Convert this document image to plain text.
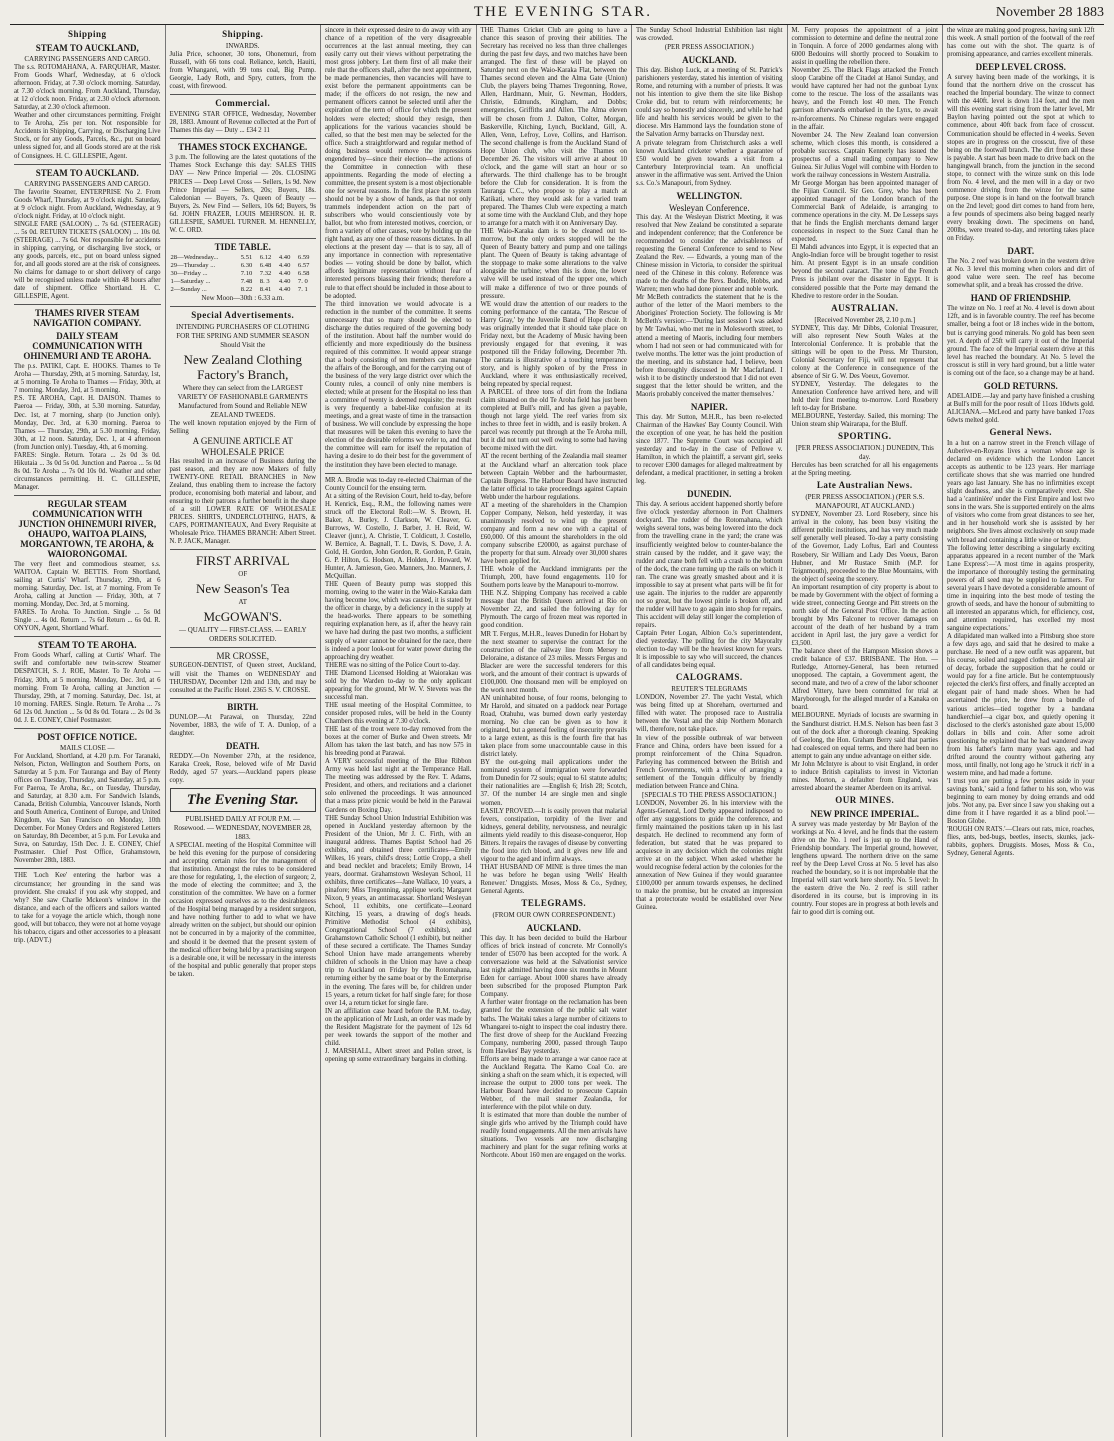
THE EVENING STAR.	November 28 1883
Shipping
STEAM TO AUCKLAND,
CARRYING PASSENGERS AND CARGO.
The s.s. ROTOMAHANA, A. FARQUHAR, Master. From Goods Wharf, Wednesday, at 6 o'clock afternoon. Friday, at 7.30 o'clock morning. Saturday, at 7.30 o'clock morning. From Auckland, Thursday, at 12 o'clock noon. Friday, at 2.30 o'clock afternoon. Saturday, at 2.30 o'clock afternoon.
Weather and other circumstances permitting. Freight to Te Aroha, 25s per ton. Not responsible for Accidents in Shipping, Carrying, or Discharging Live Stock, or for any Goods, Parcels, &c., put on board unless signed for, and all Goods stored are at the risk of Consignees. H. C. GILLESPIE, Agent.
STEAM TO AUCKLAND.
CARRYING PASSENGERS AND CARGO.
The favorite Steamer, ENTERPRISE No 2. From Goods Wharf, Thursday, at 9 o'clock night. Saturday, at 9 o'clock night. From Auckland, Wednesday, at 9 o'clock night. Friday, at 10 o'clock night.
SINGLE FARE (SALOON) ... 7s 6d. (STEERAGE) ... 5s 0d. RETURN TICKETS (SALOON) ... 10s 0d. (STEERAGE) ... 7s 6d. Not responsible for accidents in shipping, carrying, or discharging live stock, or any goods, parcels, etc., put on board unless signed for, and all goods stored are at the risk of consignees. No claims for damage to or short delivery of cargo will be recognised unless made within 48 hours after date of shipment. Office Shortland. H. C. GILLESPIE, Agent.
THAMES RIVER STEAM NAVIGATION COMPANY.
DAILY STEAM COMMUNICATION WITH OHINEMURI AND TE AROHA.
The p.s. PATIKI, Capt. E. HOOKS. Thames to Te Aroha — Thursday, 29th, at 5 morning. Saturday, 1st, at 5 morning. Te Aroha to Thames — Friday, 30th, at 7 morning. Monday, 3rd, at 5 morning.
P.S. TE AROHA, Capt. H. DAISON. Thames to Paeroa — Friday, 30th, at 5.30 morning. Saturday, Dec. 1st, at 7 morning, sharp (to Junction only). Monday, Dec. 3rd, at 6.30 morning. Paeroa to Thames — Thursday, 29th, at 5.30 morning. Friday, 30th, at 12 noon. Saturday, Dec. 1, at 4 afternoon (from Junction only). Tuesday, 4th, at 6 morning.
FARES: Single. Return. Totara ... 2s 0d 3s 0d. Hikutaia ... 3s 0d 5s 0d. Junction and Paeroa ... 5s 0d 8s 0d. Te Aroha ... 7s 0d 10s 0d. Weather and other circumstances permitting. H. C. GILLESPIE, Manager.
REGULAR STEAM COMMUNICATION WITH JUNCTION OHINEMURI RIVER, OHAUPO, WAITOA PLAINS, MORGANTOWN, TE AROHA, & WAIORONGOMAI.
The very fleet and commodious steamer, s.s. WAITOA. Captain W. BETTIS. From Shortland, sailing at Curtis' Wharf. Thursday, 29th, at 6 morning. Saturday, Dec. 1st, at 7 morning. From Te Aroha, calling at Junction — Friday, 30th, at 7 morning. Monday, Dec. 3rd, at 5 morning.
FARES. To Aroha. To Junction. Single ... 5s 0d Single ... 4s 0d. Return ... 7s 6d Return ... 6s 0d. R. ONYON, Agent, Shortland Wharf.
STEAM TO TE AROHA.
From Goods Wharf, calling at Curtis' Wharf. The swift and comfortable new twin-screw Steamer DESPATCH, S. J. ROE, Master. To Te Aroha — Friday, 30th, at 5 morning. Monday, Dec. 3rd, at 6 morning. From Te Aroha, calling at Junction — Thursday, 29th, at 7 morning. Saturday, Dec. 1st, at 10 morning. FARES. Single. Return. Te Aroha ... 7s 6d 12s 0d. Junction ... 5s 0d 8s 0d. Totara ... 2s 0d 3s 0d. J. E. CONEY, Chief Postmaster.
POST OFFICE NOTICE.
MAILS CLOSE —
For Auckland, Shortland, at 4.20 p.m. For Taranaki, Nelson, Picton, Wellington and Southern Ports, on Saturday at 5 p.m. For Tauranga and Bay of Plenty offices on Tuesday, Thursday, and Saturday, at 5 p.m. For Paeroa, Te Aroha, &c., on Tuesday, Thursday, and Saturday, at 8.30 a.m. For Sandwich Islands, Canada, British Columbia, Vancouver Islands, North and South America, Continent of Europe, and United Kingdom, via San Francisco on Monday, 10th December. For Money Orders and Registered Letters on Saturday, 8th December, at 5 p.m. For Levuka and Suva, on Saturday, 15th Dec. J. E. CONEY, Chief Postmaster. Chief Post Office, Grahamstown, November 28th, 1883.
THE 'Loch Kee' entering the harbor was a circumstance; her grounding in the sand was provident. She creaks! if you ask why stopped, and why? She saw Charlie Mckeon's window in the distance, and each of the officers and sailors wanted to take for a voyage the article which, though none good, will but tobacco, they were not at home voyage his tobacco, cigars and other accessories to a pleasant trip. (ADVT.)
Shipping.
INWARDS.
Julia Price, schooner, 30 tons, Ohonemuri, from Russell, with 66 tons coal. Reliance, ketch, Hauiti, from Whangarei, with 99 tons coal, Big Pump. Georgie, Lady Roth, and Spry, cutters, from the coast, with firewood.
Commercial.
EVENING STAR OFFICE, Wednesday, November 28, 1883. Amount of Revenue collected at the Port of Thames this day — Duty ... £34 2 11
THAMES STOCK EXCHANGE.
3 p.m. The following are the latest quotations of the Thames Stock Exchange this day: SALES THIS DAY — New Prince Imperial — 20s. CLOSING PRICES — Deep Level Cross — Sellers, 1s 9d. New Prince Imperial — Sellers, 20s; Buyers, 18s. Caledonian — Buyers, 7s. Queen of Beauty — Buyers, 2s. New Find — Sellers, 10s 6d; Buyers, 9s 6d. JOHN FRAZER, LOUIS MEHRSON. H. R. GILLESPIE, SAMUEL TURNER. M. HENNELLY, W. C. ORD.
TIDE TABLE.
28—Wednesday...	5.51	6.12	4.40	6.59
29—Thursday ...	6.30	6.48	4.40	6.57
30—Friday ...	7.10	7.32	4.40	6.58
1—Saturday ...	7.48	8. 3	4.40	7. 0
2—Sunday ...	8.22	8.41	4.40	7. 1
New Moon—30th : 6.33 a.m.
Special Advertisements.
INTENDING PURCHASERS OF CLOTHING FOR THE SPRING AND SUMMER SEASON Should Visit the
New Zealand Clothing Factory's Branch,
Where they can select from the LARGEST VARIETY OF FASHIONABLE GARMENTS Manufactured from Sound and Reliable NEW ZEALAND TWEEDS.
The well known reputation enjoyed by the Firm of Selling
A GENUINE ARTICLE AT WHOLESALE PRICE
Has resulted in an increase of Business during the past season, and they are now Makers of fully TWENTY-ONE RETAIL BRANCHES in New Zealand, thus enabling them to increase the factory produce, economising both material and labour, and ensuring to their patrons a further benefit in the shape of a still LOWER RATE OF WHOLESALE PRICES. SHIRTS, UNDERCLOTHING, HATS, & CAPS, PORTMANTEAUX, And Every Requisite at Wholesale Price. THAMES BRANCH: Albert Street. N. P. JACK, Manager.
FIRST ARRIVAL
OF
New Season's Tea
AT
McGOWAN'S.
— QUALITY — FIRST-CLASS. — EARLY ORDERS SOLICITED.
MR CROSSE,
SURGEON-DENTIST, of Queen street, Auckland, will visit the Thames on WEDNESDAY and THURSDAY, December 12th and 13th, and may be consulted at the Pacific Hotel. 2365 S. V. CROSSE.
BIRTH.
DUNLOP.—At Parawai, on Thursday, 22nd November, 1883, the wife of T. A. Dunlop, of a daughter.
DEATH.
REDDY.—On November 27th, at the residence, Karaka Creek, Rose, beloved wife of Mr David Reddy, aged 57 years.—Auckland papers please copy.
The Evening Star.
PUBLISHED DAILY AT FOUR P.M. — Rosewood. — WEDNESDAY, NOVEMBER 28, 1883.
A SPECIAL meeting of the Hospital Committee will be held this evening for the purpose of considering and accepting certain rules for the management of that institution. Amongst the rules to be considered are those for regulating, 1, the election of surgeon; 2, the mode of electing the committee; and 3, the constitution of the committee. We have on a former occasion expressed ourselves as to the desirableness of the Hospital being managed by a resident surgeon, and have nothing further to add to what we have already written on the subject, but should our opinion not be concurred in by a majority of the committee, and should it be deemed that the present system of the medical officer being held by a practising surgeon is a desirable one, it will be necessary in the interests of the hospital and public generally that proper steps be taken.
sincere in their expressed desire to do away with any chance of a repetition of the very disagreeable occurrences at the last annual meeting, they can easily carry out their views without perpetrating the most gross jobbery. Let them first of all make their rule that the officers shall, after the next appointment, be made permanencies, then vacancies will have to exist before the permanent appointments can be made; if the officers do not resign, the new and permanent officers cannot be selected until after the expiration of the term of office for which the present holders were elected; should they resign, then applications for the various vacancies should be called, so that the best men may be selected for the office. Such a straightforward and regular method of doing business would remove the impressions engendered by—since their election—the actions of the Committee in connection with these appointments. Regarding the mode of electing a committee, the present system is a most objectionable one for several reasons. In the first place the system should not be by a show of hands, as that not only trammels independent action on the part of subscribers who would conscientiously vote by ballot, but who from interested motives, coercion, or from a variety of other causes, vote by holding up the right hand, as any one of those reasons dictates. In all elections at the present day — that is to say, all of any importance in connection with representative bodies — voting should be done by ballot, which affords legitimate representation without fear of interested persons biassing their friends; therefore a rule to that effect should be included in those about to be adopted.
The third innovation we would advocate is a reduction in the number of the committee. It seems unnecessary that so many should be elected to discharge the duties required of the governing body of the institution. About half the number would do efficiently and more expeditiously do the business required of this committee. It would appear strange that a body consisting of ten members can manage the affairs of the Borough, and for the carrying out of the business of the very large district over which the County rules, a council of only nine members is elected; while at present for the Hospital no less than a committee of twenty is deemed requisite; the result is very frequently a babel-like confusion at its meetings, and a great waste of time in the transaction of business. We will conclude by expressing the hope that measures will be taken this evening to have the election of the desirable reforms we refer to, and that the committee will earn for itself the reputation of having a desire to do their best for the government of the institution they have been elected to manage.
MR A. Brodie was to-day re-elected Chairman of the County Council for the ensuing term.
At a sitting of the Revision Court, held to-day, before H. Kenrick, Esq., R.M., the following names were struck off the Electoral Roll:—W. S. Brown, H. Baker, A. Burley, J. Clarkson, W. Cleaver, G. Burrows, W. Costello, J. Barber, J. H. Reid, W. Cleaver (junr.), A. Christie, T. Coldicutt, J. Costello, W. Bernice, A. Bagnall, T. L. Davis, S. Dove, J. A. Gold, H. Gordon, John Gordon, R. Gordon, P. Grain, G. P. Hilton, G. Hodson, A. Holden, J. Howard, W. Hunter, A. Jamieson, Geo. Manners, Jno. Manners, J. McQuillan.
THE Queen of Beauty pump was stopped this morning, owing to the water in the Waio-Karaka dam having become low, which was caused, it is stated by the officer in charge, by a deficiency in the supply at the head-works. There appears to be something requiring explanation here, as if, after the heavy rain we have had during the past two months, a sufficient supply of water cannot be obtained for the race, there is indeed a poor look-out for water power during the approaching dry weather.
THERE was no sitting of the Police Court to-day.
THE Diamond Licensed Holding at Waiorakau was sold by the Warden to-day to the only applicant appearing for the ground, Mr W. V. Stevens was the successful man.
THE usual meeting of the Hospital Committee, to consider proposed rules, will be held in the County Chambers this evening at 7.30 o'clock.
THE last of the trout were to-day removed from the boxes at the corner of Burke and Owen streets. Mr Allom has taken the last batch, and has now 575 in his breeding pond at Parawai.
A VERY successful meeting of the Blue Ribbon Army was held last night at the Temperance Hall. The meeting was addressed by the Rev. T. Adams, President, and others, and recitations and a clarionet solo enlivened the proceedings. It was announced that a mass prize picnic would be held in the Parawai Gardens on Boxing Day.
THE Sunday School Union Industrial Exhibition was opened in Auckland yesterday afternoon by the President of the Union, Mr J. C. Firth, with an inaugural address. Thames Baptist School had 26 exhibits, and obtained three certificates—Emily Wilkes, 16 years, child's dress; Lottie Cropp, a shell and bead necklet and bracelets; Emily Brown, 14 years, doormat. Grahamstown Wesleyan School, 11 exhibits, three certificates—Jane Wallace, 10 years, a pinafore; Miss Tregonning, applique work; Margaret Nixon, 9 years, an antimacassar. Shortland Wesleyan School, 11 exhibits, one certificate—Leonard Kitching, 15 years, a drawing of dog's heads. Primitive Methodist School (4 exhibits), Congregational School (7 exhibits), and Grahamstown Catholic School (1 exhibit), but neither of these secured a certificate. The Thames Sunday School Union have made arrangements whereby children of schools in the Union may have a cheap trip to Auckland on Friday by the Rotomahana, returning either by the same boat or by the Enterprise in the evening. The fares will be, for children under 15 years, a return ticket for half single fare; for those over 14, a return ticket for single fare.
IN an affiliation case heard before the R.M. to-day, on the application of Mr Lush, an order was made by the Resident Magistrate for the payment of 12s 6d per week towards the support of the mother and child.
J. MARSHALL, Albert street and Pollen street, is opening up some extraordinary bargains in clothing.
THE Thames Cricket Club are going to have a chance this season of proving their abilities. The Secretary has received no less than three challenges during the past few days, and two matches have been arranged. The first of these will be played on Saturday next on the Waio-Karaka Flat, between the Thames second eleven and the Alma Gate (Union) Club, the players being Thames Tregonning, Rowe, Allen, Hardmann, Muir, G. Newman, Hodders, Christie, Edmunds, Kingham, and Dobbs; emergencies, Griffiths and Allen. The Alma eleven will be chosen from J. Dalton, Colter, Morgan, Baskerville, Kitching, Lynch, Buckland, Gill, A. Allen, Venn, Lefroy, Love, Collins, and Harrison. The second challenge is from the Auckland Stand of Hope Union club, who visit the Thames on December 26. The visitors will arrive at about 10 o'clock, and the game will start an hour or so afterwards. The third challenge has to be brought before the Club for consideration. It is from the Tauranga C.C., who propose to play a match at Katikati, where they would ask for a varied team prepared. The Thames Club were expecting a match at some time with the Auckland Club, and they hope to arrange for a match with it on Anniversary Day.
THE Waio-Karaka dam is to be cleaned out to-morrow, but the only orders stopped will be the Queen of Beauty battery and pump and one tailings plant. The Queen of Beauty is taking advantage of the stoppage to make some alterations to the valve alongside the turbine; when this is done, the lower valve will be used instead of the upper one, which will make a difference of two or three pounds of pressure.
WE would draw the attention of our readers to the coming performance of the cantata, 'The Rescue of Harry Gray,' by the Juvenile Band of Hope choir. It was originally intended that it should take place on Friday next, but the Academy of Music having been previously engaged for that evening, it was postponed till the Friday following, December 7th. The cantata is illustrative of a touching temperance story, and is highly spoken of by the Press in Auckland, where it was enthusiastically received, being repeated by special request.
A PARCEL of three tons of dirt from the Indiana claim situated on the old Te Aroha field has just been completed at Bull's mill, and has given a payable, though not large yield. The reef varies from six inches to three feet in width, and is easily broken. A parcel was recently put through at the Te Aroha mill, but it did not turn out well owing to some bad having become mixed with the dirt.
AT the recent berthing of the Zealandia mail steamer at the Auckland wharf an altercation took place between Captain Webber and the harbourmaster, Captain Burgess. The Harbour Board have instructed the latter official to take proceedings against Captain Webb under the harbour regulations.
AT a meeting of the shareholders in the Champion Copper Company, Nelson, held yesterday, it was unanimously resolved to wind up the present company and form a new one with a capital of £60,000. Of this amount the shareholders in the old company subscribe £20000, as against purchase of the property for that sum. Already over 30,000 shares have been applied for.
THE whole of the Auckland immigrants per the Triumph, 200, have found engagements. 110 for Southern ports leave by the Manapouri to-morrow.
THE N.Z. Shipping Company has received a cable message that the British Queen arrived at Rio on November 22, and sailed the following day for Plymouth. The cargo of frozen meat was reported in good condition.
MR T. Fergus, M.H.R., leaves Dunedin for Hobart by the next steamer to supervise the contract for the construction of the railway line from Mersey to Deloraine, a distance of 23 miles. Messrs Fergus and Blacker are were the successful tenderers for this work, and the amount of their contract is upwards of £100,000. One thousand men will be employed on the work next month.
AN uninhabited house, of four rooms, belonging to Mr Harold, and situated on a paddock near Portage Road, Otahuhu, was burned down early yesterday morning. No clue can be given as to how it originated, but a general feeling of insecurity prevails to a large extent, as this is the fourth fire that has taken place from some unaccountable cause in this district lately.
BY the out-going mail applications under the nominated system of immigration were forwarded from Dunedin for 72 souls; equal to 61 statute adults; their nationalities are —English 6; Irish 28; Scotch, 37. Of the number 14 are single men and single women.
EASILY PROVED.—It is easily proven that malarial fevers, constipation, torpidity of the liver and kidneys, general debility, nervousness, and neuralgic ailments yield readily to this disease-conqueror, Hop Bitters. It repairs the ravages of disease by converting the food into rich blood, and it gives new life and vigour to the aged and infirm always.
THAT HUSBAND OF MINE is three times the man he was before he began using 'Wells' Health Renewer.' Druggists. Moses, Moss & Co., Sydney, General Agents.
TELEGRAMS.
(FROM OUR OWN CORRESPONDENT.)
AUCKLAND.
This day. It has been decided to build the Harbour offices of brick instead of concrete. Mr Connolly's tender of £5070 has been accepted for the work. A conversazione was held at the Salvationist service last night admitted having done six months in Mount Eden for carriage. About 1000 shares have already been subscribed for the proposed Plumpton Park Company.
A further water frontage on the reclamation has been granted for the extension of the public salt water baths. The Waitaki takes a large number of citizens to Whangarei to-night to inspect the coal industry there. The first drove of sheep for the Auckland Freezing Company, numbering 2000, passed through Taupo from Hawkes' Bay yesterday.
Efforts are being made to arrange a war canoe race at the Auckland Regatta. The Kamo Coal Co. are sinking a shaft on the seam which, it is expected, will increase the output to 2000 tons per week. The Harbour Board have decided to prosecute Captain Webber, of the mail steamer Zealandia, for interference with the pilot while on duty.
It is estimated that more than double the number of single girls who arrived by the Triumph could have readily found engagements. All the men arrivals have situations. Two vessels are now discharging machinery and plant for the sugar refining works at Northcote. About 160 men are engaged on the works.
The Sunday School Industrial Exhibition last night was crowded.
(PER PRESS ASSOCIATION.)
AUCKLAND.
This day. Bishop Luck, at a meeting of St. Patrick's parishioners yesterday, stated his intention of visiting Rome, and returning with a number of priests. It was not his intention to give them the site like Bishop Croke did, but to return with reinforcements; he could say so honestly and sincerely, and while he had life and health his services would be given to the diocese. Mrs Hammond lays the foundation stone of the Salvation Army barracks on Thursday next.
A private telegram from Christchurch asks a well known Auckland cricketer whether a guarantee of £50 would be given towards a visit from a Canterbury Interprovincial team. An unofficial answer in the affirmative was sent. Arrived the Union s.s. Co.'s Manapouri, from Sydney.
WELLINGTON.
Wesleyan Conference.
This day. At the Wesleyan District Meeting, it was resolved that New Zealand be constituted a separate and independent conference; that the Conference be recommended to consider the advisableness of requesting the General Conference to send to New Zealand the Rev. — Edwards, a young man of the Chinese mission in Victoria, to consider the spiritual need of the Chinese in this colony. Reference was made to the deaths of the Revs. Buddle, Hobbs, and Warren; men who had done pioneer and noble work.
Mr McBeth contradicts the statement that he is the author of the letter of the Maori members to the Aborigines' Protection Society. The following is Mr McBeth's version:—'During last session I was asked by Mr Tawhai, who met me in Molesworth street, to attend a meeting of Maoris, including four members whom I had not seen or had communicated with for twelve months. The letter was the joint production of the meeting, and its substance had, I believe, been before thoroughly discussed in Mr Macfarland. I wish it to be distinctly understood that I did not even suggest that the letter should be written, and the Maoris probably conceived the matter themselves.'
NAPIER.
This day. Mr Sutton, M.H.R., has been re-elected Chairman of the Hawkes' Bay County Council. With the exception of one year, he has held the position since 1877. The Supreme Court was occupied all yesterday and to-day in the case of Pellowe v. Hamilton, in which the plaintiff, a servant girl, seeks to recover £300 damages for alleged maltreatment by defendant, a medical practitioner, in setting a broken leg.
DUNEDIN.
This day. A serious accident happened shortly before five o'clock yesterday afternoon in Port Chalmers dockyard. The rudder of the Rotomahana, which weighs several tons, was being lowered into the dock from the travelling crane in the yard; the crane was insufficiently weighted below to counter-balance the strain caused by the rudder, and it gave way; the rudder and crane both fell with a crash to the bottom of the dock, the crane turning up the rails on which it ran. The crane was greatly smashed about and it is impossible to say at present what parts will be fit for use again. The injuries to the rudder are apparently not so great, but the lowest pintle is broken off, and the rudder will have to go again into shop for repairs. This accident will delay still longer the completion of repairs.
Captain Peter Logan, Albion Co.'s superintendent, died yesterday. The polling for the city Mayoralty election to-day will be the heaviest known for years. It is impossible to say who will succeed, the chances of all candidates being equal.
CALOGRAMS.
REUTER'S TELEGRAMS
LONDON, November 27. The yacht Vestal, which was being fitted up at Shoreham, overturned and filled with water. The proposed race to Australia between the Vestal and the ship Northern Monarch will, therefore, not take place.
In view of the possible outbreak of war between France and China, orders have been issued for a prompt reinforcement of the China Squadron. Parleying has commenced between the British and French Governments, with a view of arranging a settlement of the Tonquin difficulty by friendly mediation between France and China.
[SPECIALS TO THE PRESS ASSOCIATION.]
LONDON, November 26. In his interview with the Agents-General, Lord Derby appeared indisposed to offer any suggestions to guide the conference, and firmly maintained the positions taken up in his last despatch. He declined to recommend any form of federation, but stated that he was prepared to acquiesce in any decision which the colonies might arrive at on the subject. When asked whether he would recognise federal action by the colonies for the annexation of New Guinea if they would guarantee £100,000 per annum towards expenses, he declined to make the promise, but he created an impression that a protectorate would be established over New Guinea.
M. Ferry proposes the appointment of a joint commission to determine and define the neutral zone in Tonquin. A force of 2000 gendarmes along with 6000 Bedouins will shortly proceed to Souakim to assist in quelling the rebellion there.
November 25. The Black Flags attacked the French sloop Carabine off the Citadel at Hanoi Sunday, and would have captured her had not the gunboat Lynx come to the rescue. The loss of the assailants was heavy, and the French lost 40 men. The French garrison afterwards embarked in the Lynx, to await re-inforcements. No Chinese regulars were engaged in the affair.
November 24. The New Zealand loan conversion scheme, which closes this month, is considered a probable success. Captain Kennerly has issued the prospectus of a small trading company to New Guinea. Sir Julius Vogel will combine with Horden to work the railway concessions in Western Australia.
Mr George Morgan has been appointed manager of the Fijian Council. Sir Geo. Grey, who has been appointed manager of the London branch of the Commercial Bank of Adelaide, is arranging to commence operations in the city. M. De Lesseps says that he finds the English merchants demand larger concessions in respect to the Suez Canal than he expected.
El Mahdi advances into Egypt, it is expected that an Anglo-Indian force will be brought together to resist him. At present Egypt is in an unsafe condition beyond the second cataract. The tone of the French Press is jubilant over the disaster in Egypt. It is considered possible that the Porte may demand the Khedive to restore order in the Soudan.
AUSTRALIAN.
[Received November 28, 2.10 p.m.]
SYDNEY, This day. Mr Dibbs, Colonial Treasurer, will also represent New South Wales at the Intercolonial Conference. It is probable that the sittings will be open to the Press. Mr Thurston, Colonial Secretary for Fiji, will not represent that colony at the Conference in consequence of the absence of Sir G. W. Des Voeux, Governor.
SYDNEY, Yesterday. The delegates to the Annexation Conference have arrived here, and will hold their first meeting to-morrow. Lord Rosebery left to-day for Brisbane.
MELBOURNE, Yesterday. Sailed, this morning: The Union steam ship Wairarapa, for the Bluff.
SPORTING.
[PER PRESS ASSOCIATION.] DUNEDIN, This day.
Hercules has been scratched for all his engagements at the Spring meeting.
Late Australian News.
(PER PRESS ASSOCIATION.) (PER S.S. MANAPOURI, AT AUCKLAND.)
SYDNEY, November 23. Lord Rosebery, since his arrival in the colony, has been busy visiting the different public institutions, and has very much made self generally well pleased. To-day a party consisting of the Governor, Lady Loftus, Earl and Countess Rosebery, Sir William and Lady Des Voeux, Baron Hubner, and Mr Rustace Smith (M.P. for Teignmouth), proceeded to the Blue Mountains, with the object of seeing the scenery.
An important resumption of city property is about to be made by Government with the object of forming a wide street, connecting George and Pitt streets on the north side of the General Post Office. In the action brought by Mrs Falconer to recover damages on account of the death of her husband by a tram accident in April last, the jury gave a verdict for £3,500.
The balance sheet of the Hampson Mission shows a credit balance of £37. BRISBANE. The Hon. — Rutledge, Attorney-General, has been returned unopposed. The captain, a Government agent, the second mate, and two of a crew of the labor schooner Alfred Vittery, have been committed for trial at Maryborough, for the alleged murder of a Kanaka on board.
MELBOURNE. Myriads of locusts are swarming in the Sandhurst district. H.M.S. Nelson has been fast 3 out of the dock after a thorough cleaning. Speaking of Geelong, the Hon. Graham Berry said that parties had coalesced on equal terms, and there had been no attempt to gain any undue advantage on either side.
Mr John McIntyre is about to visit England, in order to induce British capitalists to invest in Victorian mines. Morton, a defaulter from England, was arrested aboard the steamer Aberdeen on its arrival.
OUR MINES.
NEW PRINCE IMPERIAL.
A survey was made yesterday by Mr Baylon of the workings at No. 4 level, and he finds that the eastern drive on the No. 1 reef is just up to the Hand of Friendship boundary. The Imperial ground, however, lengthens upward. The northern drive on the same reef by the Deep Level Cross at No. 5 level has also reached the boundary, so it is not improbable that the Imperial will start work here shortly. No. 5 level: In the eastern drive the No. 2 reef is still rather disordered in its course, but is improving in its country. Four stopes are in progress at both levels and fair to good dirt is coming out.
the winze are making good progress, having sunk 12ft this week. A small portion of the footwall of the reef has come out with the shot. The quartz is of promising appearance, and carries excellent minerals.
DEEP LEVEL CROSS.
A survey having been made of the workings, it is found that the northern drive on the crosscut has reached the Imperial boundary. The winze to connect with the 440ft. level is down 114 feet, and the men will this evening start rising from the latter level, Mr Baylon having pointed out the spot at which to commence, about 40ft back from face of crosscut. Communication should be effected in 4 weeks. Seven stopes are in progress on the crosscut, five of these being on the footwall branch. The dirt from all these is payable. A start has been made to drive back on the hangingwall branch, from the junction in the second stope, to connect with the winze sunk on this lode from No. 4 level, and the men will in a day or two commence driving from the winze for the same purpose. One stope is in hand on the footwall branch on the 2nd level; good dirt comes to hand from here, a few pounds of specimens also being bagged nearly every breaking down. The specimens on hand, 200lbs, were treated to-day, and retorting takes place on Friday.
DART.
The No. 2 reef was broken down in the western drive at No. 3 level this morning when colors and dirt of good value were seen. The reef has become somewhat split, and a break has crossed the drive.
HAND OF FRIENDSHIP.
The winze on No. 1 reef at No. 4 level is down about 12ft, and is in favorable country. The reef has become smaller, being a foot or 18 inches wide in the bottom, but is carrying good minerals. No gold has been seen yet. A depth of 25ft will carry it out of the Imperial ground. The face of the Imperial eastern drive at this level has reached the boundary. At No. 5 level the crosscut is still in very hard ground, but a little water is coming out of the face, so a change may be at hand.
GOLD RETURNS.
ADELAIDE.—Jay and party have finished a crushing at Bull's mill for the poor result of 11ozs 10dwts gold. ALICIANA.—McLeod and party have banked 17ozs 6dwts melted gold.
General News.
In a hut on a narrow street in the French village of Auberive-en-Royans lives a woman whose age is declared on evidence which the London Lancet accepts as authentic to be 123 years. Her marriage certificate shows that she was married one hundred years ago last January. She has no infirmities except slight deafness, and she is comparatively erect. She had a 'cantinière' under the First Empire and lost two sons in the wars. She is supported entirely on the alms of visitors who come from great distances to see her, and in her household work she is assisted by her neighbors. She lives almost exclusively on soup made with bread and containing a little wine or brandy.
The following letter describing a singularly exciting apparatus appeared in a recent number of the 'Mark Lane Express':—'A most time in agains prosperity, the importance of thoroughly testing the germinating powers of all seed may be supplied to farmers. For several years I have devoted a considerable amount of time in inquiring into the best mode of testing the growth of seeds, and have the honour of submitting to all interested an apparatus which, for efficiency, cost, and attention required, has excelled my most sanguine expectations.'
A dilapidated man walked into a Pittsburg shoe store a few days ago, and said that he desired to make a purchase. He need of a new outfit was apparent, but his course, soiled and ragged clothes, and general air of decay, forbade the supposition that he could or would pay for a fine article. But he contemptuously rejected the clerk's first offers, and finally accepted an elegant pair of hand made shoes. When he had ascertained the price, he drew from a bundle of various articles—tied together by a bandana handkerchief—a cigar box, and quietly opening it disclosed to the clerk's astonished gaze about 15,000 dollars in bills and coin. After some adroit questioning he explained that he had wandered away from his father's farm many years ago, and had drifted around the country without gathering any moss, until finally, not long ago he 'struck it rich' in a western mine, and had made a fortune.
'I trust you are putting a few pennies aside in your savings bank,' said a fond father to his son, who was beginning to earn money by doing errands and odd jobs. 'Not any, pa. Ever since I saw you shaking out a dime from it I have regarded it as a blind pool.'—Boston Globe.
'ROUGH ON RATS.'—Clears out rats, mice, roaches, flies, ants, bed-bugs, beetles, insects, skunks, jack-rabbits, gophers. Druggists. Moses, Moss & Co., Sydney, General Agents.
